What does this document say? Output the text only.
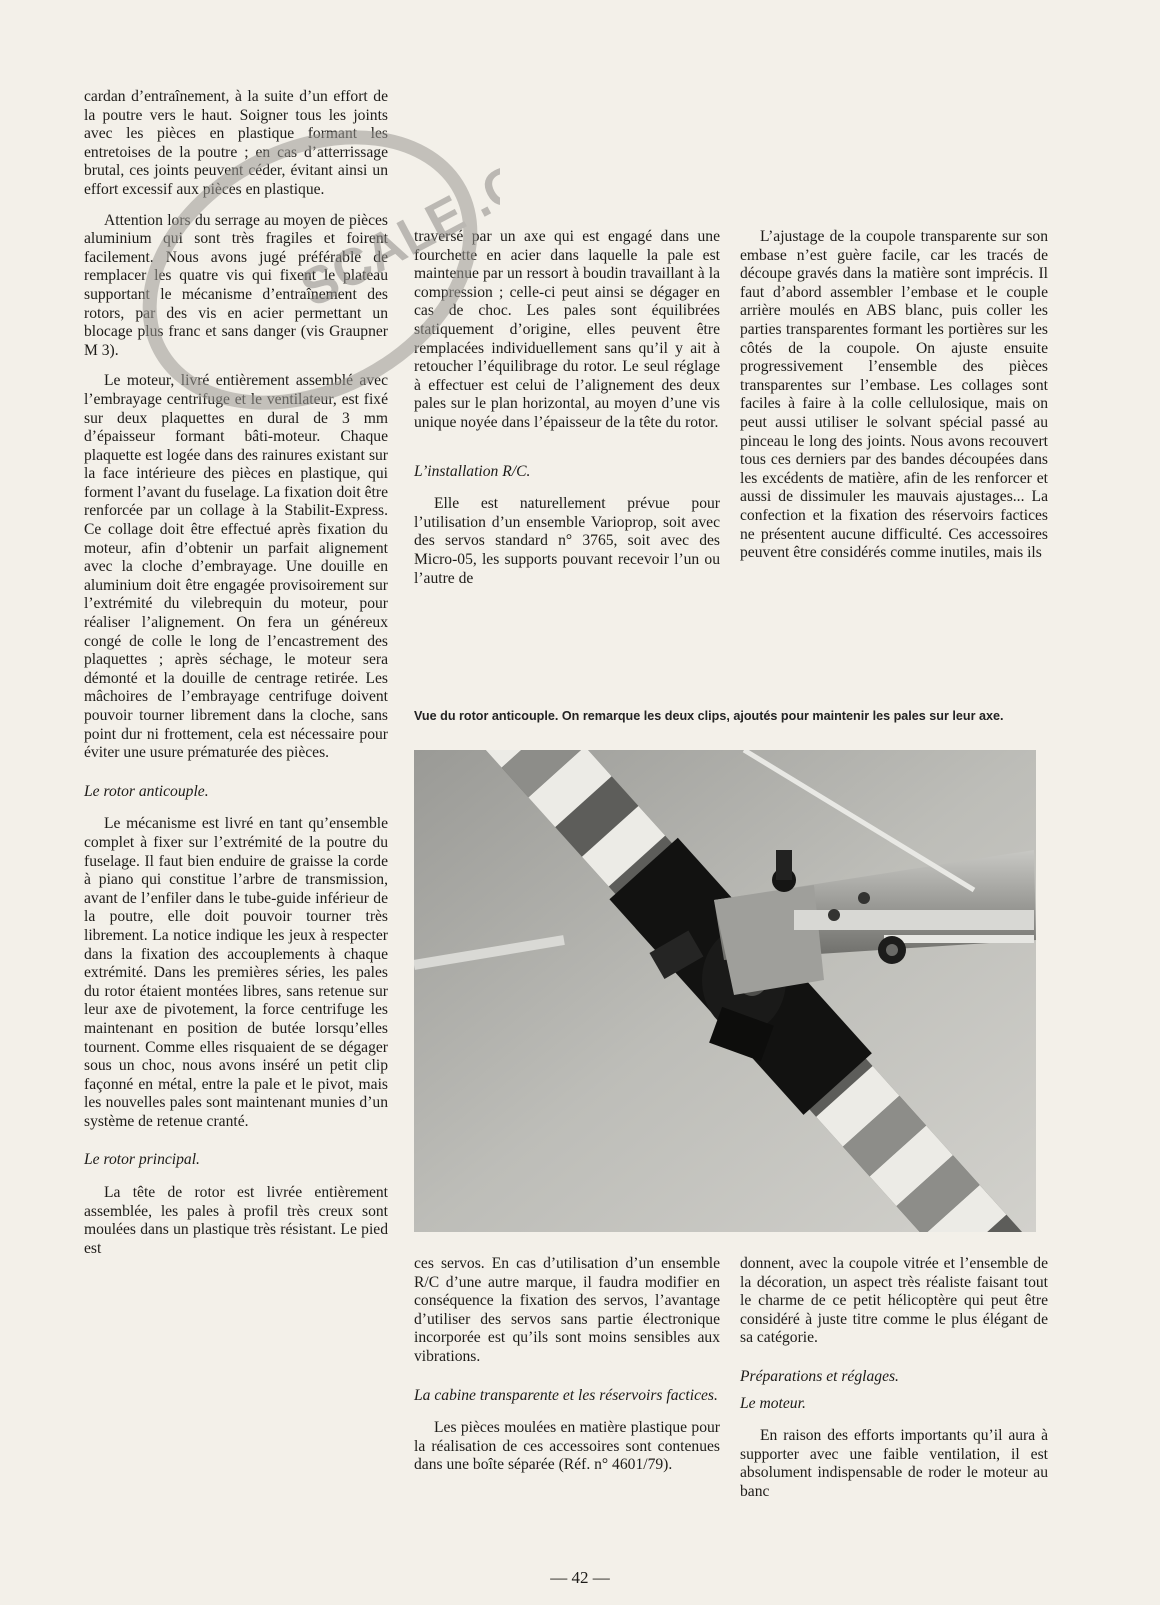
cardan d’entraînement, à la suite d’un effort de la poutre vers le haut. Soigner tous les joints avec les pièces en plastique formant les entretoises de la poutre ; en cas d’atterrissage brutal, ces joints peuvent céder, évitant ainsi un effort excessif aux pièces en plastique.

Attention lors du serrage au moyen de pièces aluminium qui sont très fragiles et foirent facilement. Nous avons jugé préférable de remplacer les quatre vis qui fixent le plateau supportant le mécanisme d’entraînement des rotors, par des vis en acier permettant un blocage plus franc et sans danger (vis Graupner M 3).

Le moteur, livré entièrement assemblé avec l’embrayage centrifuge et le ventilateur, est fixé sur deux plaquettes en dural de 3 mm d’épaisseur formant bâti-moteur. Chaque plaquette est logée dans des rainures existant sur la face intérieure des pièces en plastique, qui forment l’avant du fuselage. La fixation doit être renforcée par un collage à la Stabilit-Express. Ce collage doit être effectué après fixation du moteur, afin d’obtenir un parfait alignement avec la cloche d’embrayage. Une douille en aluminium doit être engagée provisoirement sur l’extrémité du vilebrequin du moteur, pour réaliser l’alignement. On fera un généreux congé de colle le long de l’encastrement des plaquettes ; après séchage, le moteur sera démonté et la douille de centrage retirée. Les mâchoires de l’embrayage centrifuge doivent pouvoir tourner librement dans la cloche, sans point dur ni frottement, cela est nécessaire pour éviter une usure prématurée des pièces.

Le rotor anticouple.

Le mécanisme est livré en tant qu’ensemble complet à fixer sur l’extrémité de la poutre du fuselage. Il faut bien enduire de graisse la corde à piano qui constitue l’arbre de transmission, avant de l’enfiler dans le tube-guide inférieur de la poutre, elle doit pouvoir tourner très librement. La notice indique les jeux à respecter dans la fixation des accouplements à chaque extrémité. Dans les premières séries, les pales du rotor étaient montées libres, sans retenue sur leur axe de pivotement, la force centrifuge les maintenant en position de butée lorsqu’elles tournent. Comme elles risquaient de se dégager sous un choc, nous avons inséré un petit clip façonné en métal, entre la pale et le pivot, mais les nouvelles pales sont maintenant munies d’un système de retenue cranté.

Le rotor principal.

La tête de rotor est livrée entièrement assemblée, les pales à profil très creux sont moulées dans un plastique très résistant. Le pied est

traversé par un axe qui est engagé dans une fourchette en acier dans laquelle la pale est maintenue par un ressort à boudin travaillant à la compression ; celle-ci peut ainsi se dégager en cas de choc. Les pales sont équilibrées statiquement d’origine, elles peuvent être remplacées individuellement sans qu’il y ait à retoucher l’équilibrage du rotor. Le seul réglage à effectuer est celui de l’alignement des deux pales sur le plan horizontal, au moyen d’une vis unique noyée dans l’épaisseur de la tête du rotor.

L’installation R/C.

Elle est naturellement prévue pour l’utilisation d’un ensemble Varioprop, soit avec des servos standard n° 3765, soit avec des Micro-05, les supports pouvant recevoir l’un ou l’autre de

L’ajustage de la coupole transparente sur son embase n’est guère facile, car les tracés de découpe gravés dans la matière sont imprécis. Il faut d’abord assembler l’embase et le couple arrière moulés en ABS blanc, puis coller les parties transparentes formant les portières sur les côtés de la coupole. On ajuste ensuite progressivement l’ensemble des pièces transparentes sur l’embase. Les collages sont faciles à faire à la colle cellulosique, mais on peut aussi utiliser le solvant spécial passé au pinceau le long des joints. Nous avons recouvert tous ces derniers par des bandes découpées dans les excédents de matière, afin de les renforcer et aussi de dissimuler les mauvais ajustages... La confection et la fixation des réservoirs factices ne présentent aucune difficulté. Ces accessoires peuvent être considérés comme inutiles, mais ils

Vue du rotor anticouple. On remarque les deux clips, ajoutés pour maintenir les pales sur leur axe.

ces servos. En cas d’utilisation d’un ensemble R/C d’une autre marque, il faudra modifier en conséquence la fixation des servos, l’avantage d’utiliser des servos sans partie électronique incorporée est qu’ils sont moins sensibles aux vibrations.

La cabine transparente et les réservoirs factices.

Les pièces moulées en matière plastique pour la réalisation de ces accessoires sont contenues dans une boîte séparée (Réf. n° 4601/79).

donnent, avec la coupole vitrée et l’ensemble de la décoration, un aspect très réaliste faisant tout le charme de ce petit hélicoptère qui peut être considéré à juste titre comme le plus élégant de sa catégorie.

Préparations et réglages.
Le moteur.

En raison des efforts importants qu’il aura à supporter avec une faible ventilation, il est absolument indispensable de roder le moteur au banc

SCALE .COM
— 42 —
